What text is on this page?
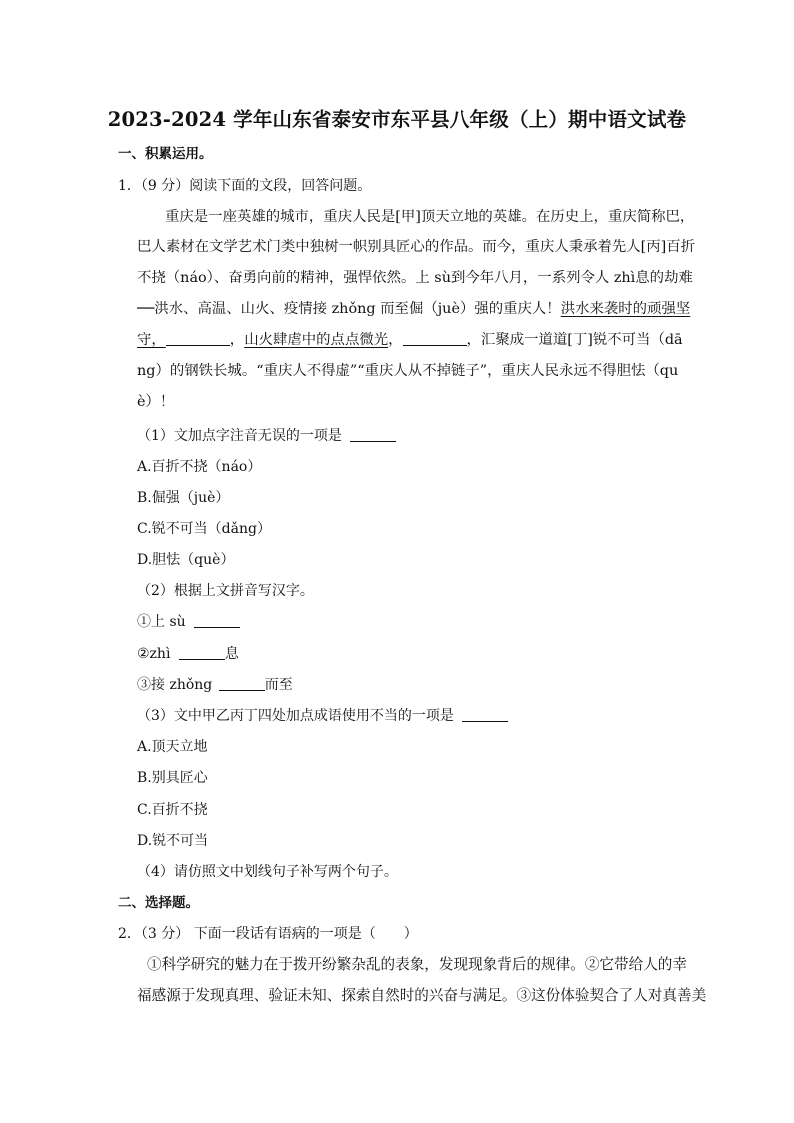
2023-2024 学年山东省泰安市东平县八年级（上）期中语文试卷
一、积累运用。
1．（9 分）阅读下面的文段，回答问题。
重庆是一座英雄的城市，重庆人民是[甲]顶天立地的英雄。在历史上，重庆简称巴，
巴人素材在文学艺术门类中独树一帜别具匠心的作品。而今，重庆人秉承着先人[丙]百折
不挠（náo）、奋勇向前的精神，强悍依然。上 sù到今年八月，一系列令人 zhì息的劫难
──洪水、高温、山火、疫情接 zhǒng 而至倔（juè）强的重庆人！洪水来袭时的顽强坚
守，	，山火肆虐中的点点微光，	，汇聚成一道道[丁]锐不可当（dā
ng）的钢铁长城。“重庆人不得虚”“重庆人从不掉链子”，重庆人民永远不得胆怯（qu
è）！
（1）文加点字注音无误的一项是
A.百折不挠（náo）
B.倔强（juè）
C.锐不可当（dǎng）
D.胆怯（què）
（2）根据上文拼音写汉字。
①上 sù
②zhì	息
③接 zhǒng	而至
（3）文中甲乙丙丁四处加点成语使用不当的一项是
A.顶天立地
B.别具匠心
C.百折不挠
D.锐不可当
（4）请仿照文中划线句子补写两个句子。
二、选择题。
2．（3 分） 下面一段话有语病的一项是（　　）
①科学研究的魅力在于拨开纷繁杂乱的表象，发现现象背后的规律。②它带给人的幸
福感源于发现真理、验证未知、探索自然时的兴奋与满足。③这份体验契合了人对真善美
